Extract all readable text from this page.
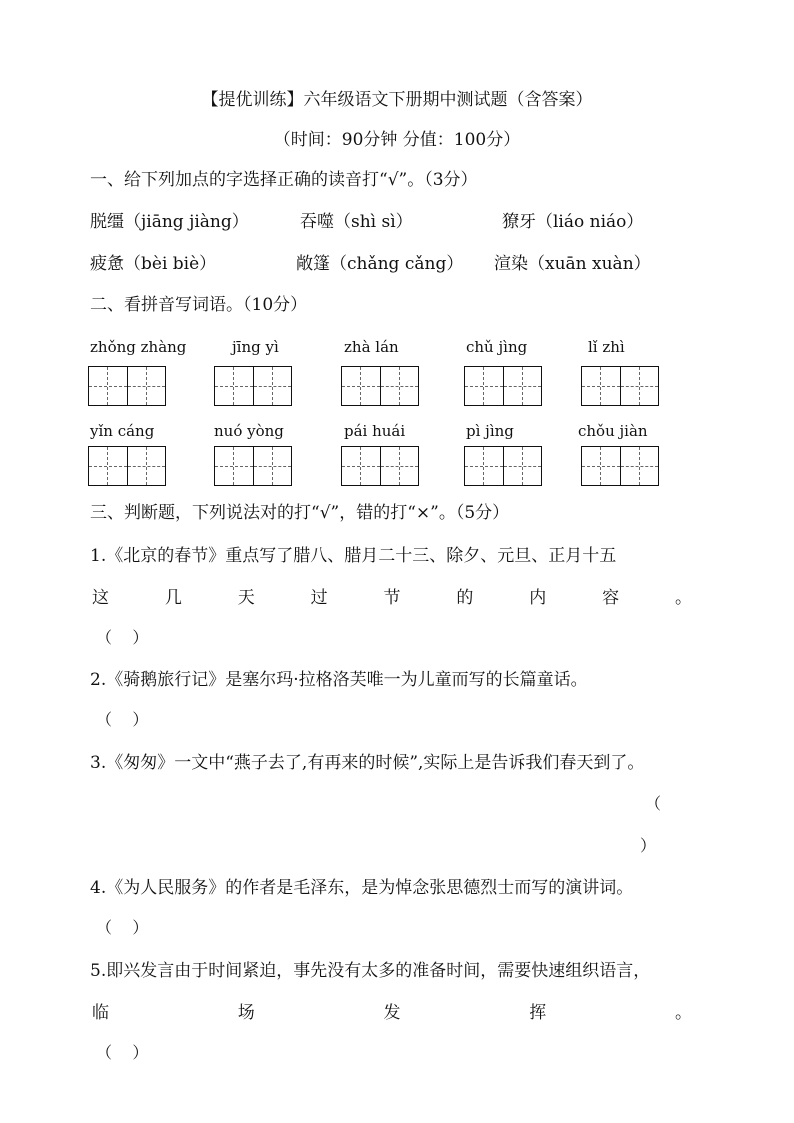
【提优训练】六年级语文下册期中测试题（含答案）
（时间：90分钟 分值：100分）
一、给下列加点的字选择正确的读音打“√”。（3分）
脱缰（jiāng jiàng）	吞噬（shì sì）	獠牙（liáo niáo）
疲惫（bèi biè）	敞篷（chǎng cǎng） 渲染（xuān xuàn）
二、看拼音写词语。（10分）
zhǒng zhàng	jīng yì	zhà lán	chǔ jìng	lǐ zhì
yǐn cáng	nuó yòng	pái huái	pì jìng	chǒu jiàn
三、判断题，下列说法对的打“√”，错的打“×”。（5分）
1.《北京的春节》重点写了腊八、腊月二十三、除夕、元旦、正月十五
这	几	天	过	节	的	内	容	。
（    ）
2.《骑鹅旅行记》是塞尔玛·拉格洛芙唯一为儿童而写的长篇童话。
（    ）
3.《匆匆》一文中“燕子去了,有再来的时候”,实际上是告诉我们春天到了。
（
）
4.《为人民服务》的作者是毛泽东，是为悼念张思德烈士而写的演讲词。
（    ）
5.即兴发言由于时间紧迫，事先没有太多的准备时间，需要快速组织语言，
临	场	发	挥	。
（    ）
